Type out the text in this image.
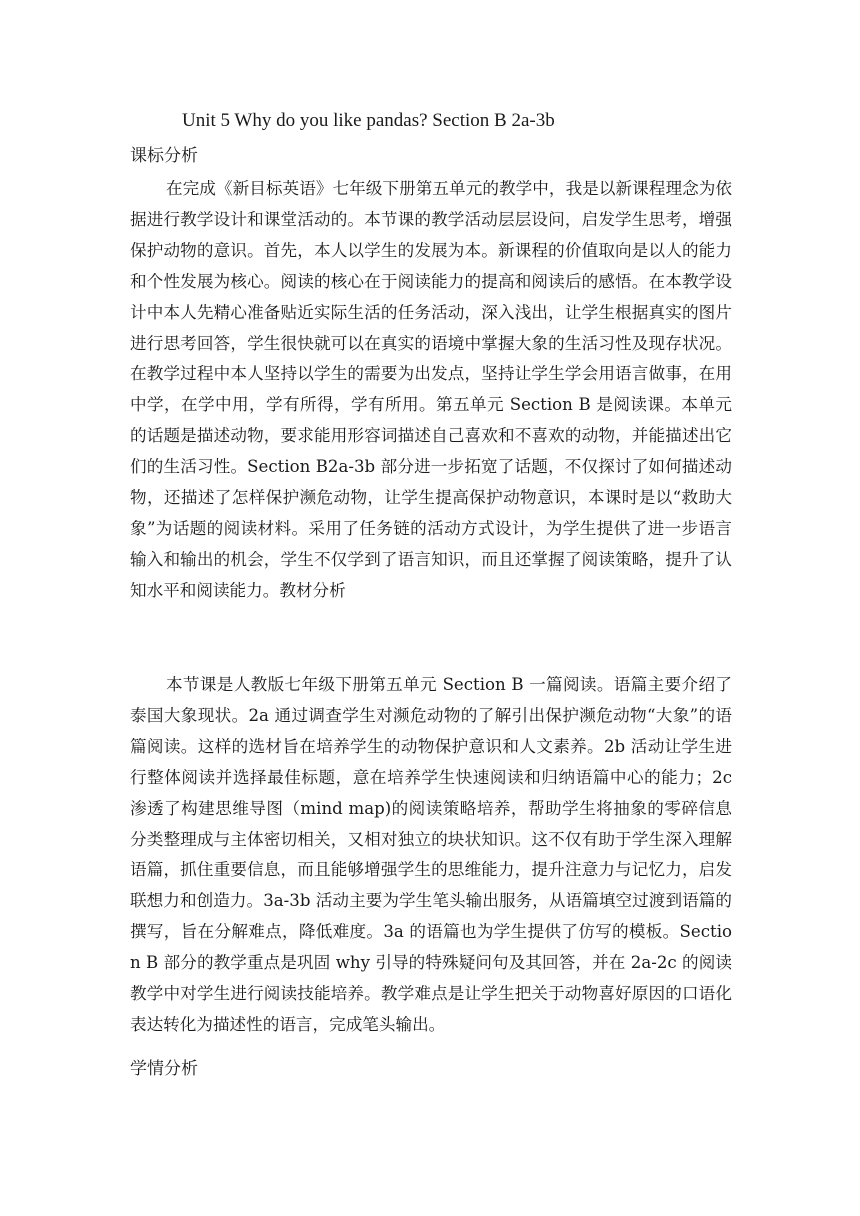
Unit 5 Why do you like pandas? Section B 2a-3b
课标分析
在完成《新目标英语》七年级下册第五单元的教学中，我是以新课程理念为依据进行教学设计和课堂活动的。本节课的教学活动层层设问，启发学生思考，增强保护动物的意识。首先，本人以学生的发展为本。新课程的价值取向是以人的能力和个性发展为核心。阅读的核心在于阅读能力的提高和阅读后的感悟。在本教学设计中本人先精心准备贴近实际生活的任务活动，深入浅出，让学生根据真实的图片进行思考回答，学生很快就可以在真实的语境中掌握大象的生活习性及现存状况。在教学过程中本人坚持以学生的需要为出发点，坚持让学生学会用语言做事，在用中学，在学中用，学有所得，学有所用。第五单元 Section B 是阅读课。本单元的话题是描述动物，要求能用形容词描述自己喜欢和不喜欢的动物，并能描述出它们的生活习性。Section B2a-3b 部分进一步拓宽了话题，不仅探讨了如何描述动物，还描述了怎样保护濒危动物，让学生提高保护动物意识，本课时是以“救助大象”为话题的阅读材料。采用了任务链的活动方式设计，为学生提供了进一步语言输入和输出的机会，学生不仅学到了语言知识，而且还掌握了阅读策略，提升了认知水平和阅读能力。教材分析
本节课是人教版七年级下册第五单元 Section B 一篇阅读。语篇主要介绍了泰国大象现状。2a 通过调查学生对濒危动物的了解引出保护濒危动物“大象”的语篇阅读。这样的选材旨在培养学生的动物保护意识和人文素养。2b 活动让学生进行整体阅读并选择最佳标题，意在培养学生快速阅读和归纳语篇中心的能力；2c 渗透了构建思维导图（mind map)的阅读策略培养，帮助学生将抽象的零碎信息分类整理成与主体密切相关，又相对独立的块状知识。这不仅有助于学生深入理解语篇，抓住重要信息，而且能够增强学生的思维能力，提升注意力与记忆力，启发联想力和创造力。3a-3b 活动主要为学生笔头输出服务，从语篇填空过渡到语篇的撰写，旨在分解难点，降低难度。3a 的语篇也为学生提供了仿写的模板。Section B 部分的教学重点是巩固 why 引导的特殊疑问句及其回答，并在 2a-2c 的阅读教学中对学生进行阅读技能培养。教学难点是让学生把关于动物喜好原因的口语化表达转化为描述性的语言，完成笔头输出。
学情分析
